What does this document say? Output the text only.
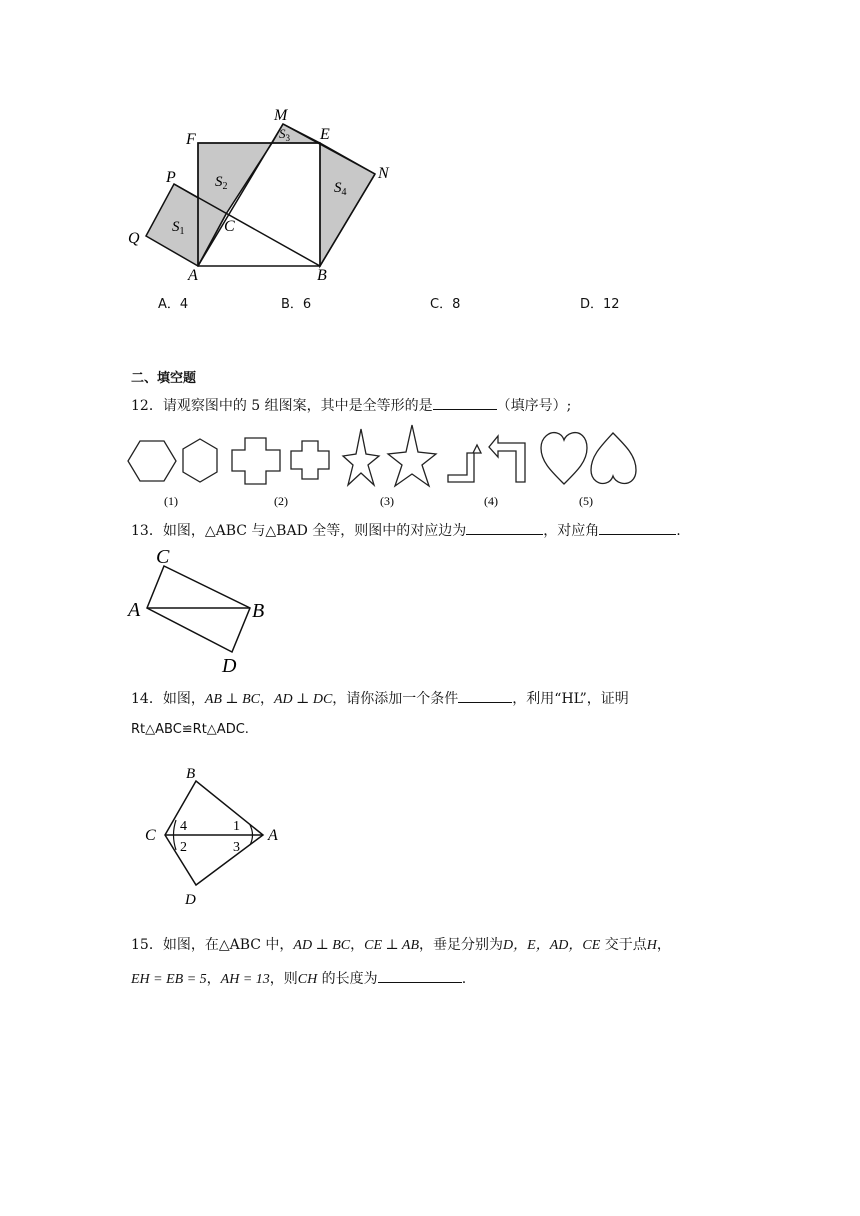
M
F	E
N
P
Q
C
A	B
$S_1$
$S_2$
$S_3$
$S_4$
A．4	B．6	C．8	D．12
二、填空题
12．请观察图中的 5 组图案，其中是全等形的是	（填序号）;
(1)	(2)	(3)	(4)	(5)
13．如图，△ABC 与△BAD 全等，则图中的对应边为	，对应角	.
C
A	B
D
14．如图，AB ⊥ BC，AD ⊥ DC，请你添加一个条件	，利用“HL”，证明
Rt△ABC≌Rt△ADC.
B
C	A
D
4
2
1
3
15．如图，在△ABC 中，AD ⊥ BC，CE ⊥ AB，垂足分别为D，E，AD，CE 交于点H，
EH = EB = 5，AH = 13，则CH 的长度为	.
